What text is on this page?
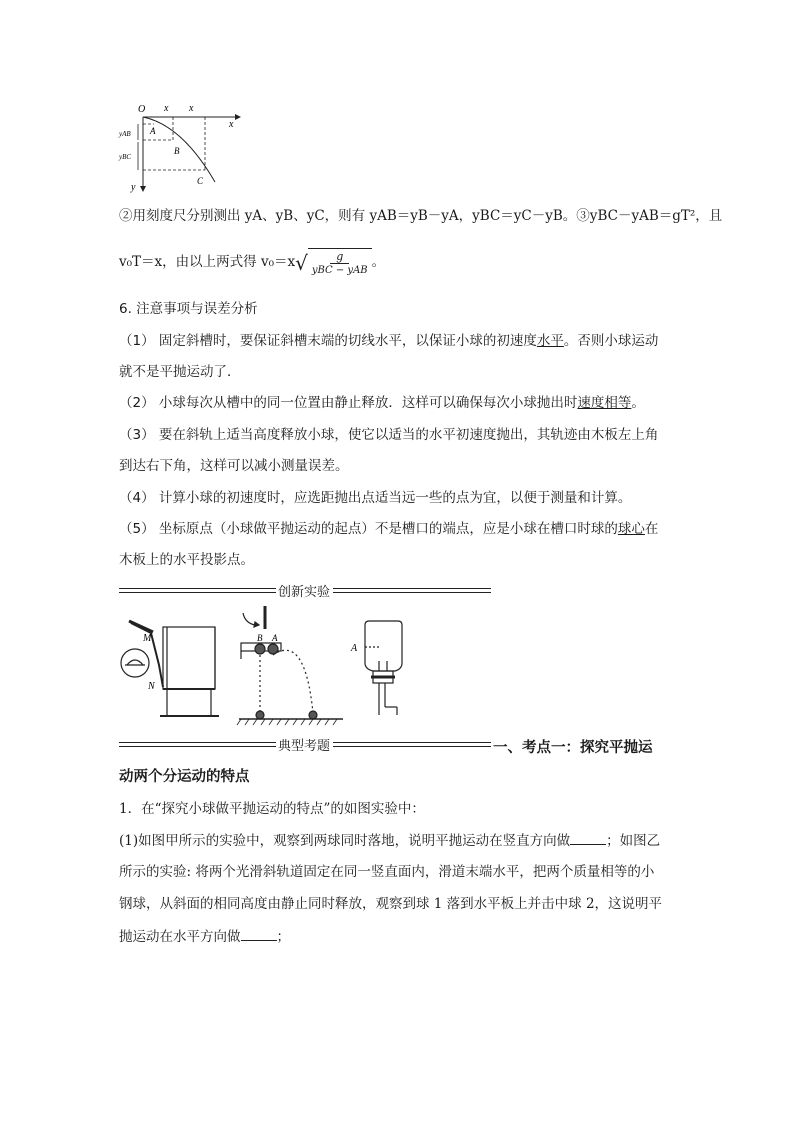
O x x
x
y
A
B
C
yAB
yBC
②用刻度尺分别测出 yA、yB、yC，则有 yAB＝yB－yA，yBC＝yC－yB。③yBC－yAB＝gT²，且
v₀T＝x，由以上两式得 v₀＝x √ $\frac{g}{\text{yBC − yAB}}$ 。
6. 注意事项与误差分析
（1） 固定斜槽时，要保证斜槽末端的切线水平，以保证小球的初速度水平。否则小球运动
就不是平抛运动了．
（2） 小球每次从槽中的同一位置由静止释放．这样可以确保每次小球抛出时速度相等。
（3） 要在斜轨上适当高度释放小球，使它以适当的水平初速度抛出，其轨迹由木板左上角
到达右下角，这样可以减小测量误差。
（4） 计算小球的初速度时，应选距抛出点适当远一些的点为宜，以便于测量和计算。
（5） 坐标原点（小球做平抛运动的起点）不是槽口的端点，应是小球在槽口时球的球心在
木板上的水平投影点。
创新实验
M
N
B A
A
典型考题	一、考点一：探究平抛运
动两个分运动的特点
1．在“探究小球做平抛运动的特点”的如图实验中：
(1)如图甲所示的实验中，观察到两球同时落地，说明平抛运动在竖直方向做	；如图乙
所示的实验: 将两个光滑斜轨道固定在同一竖直面内，滑道末端水平，把两个质量相等的小
钢球，从斜面的相同高度由静止同时释放，观察到球 1 落到水平板上并击中球 2，这说明平
抛运动在水平方向做	；
